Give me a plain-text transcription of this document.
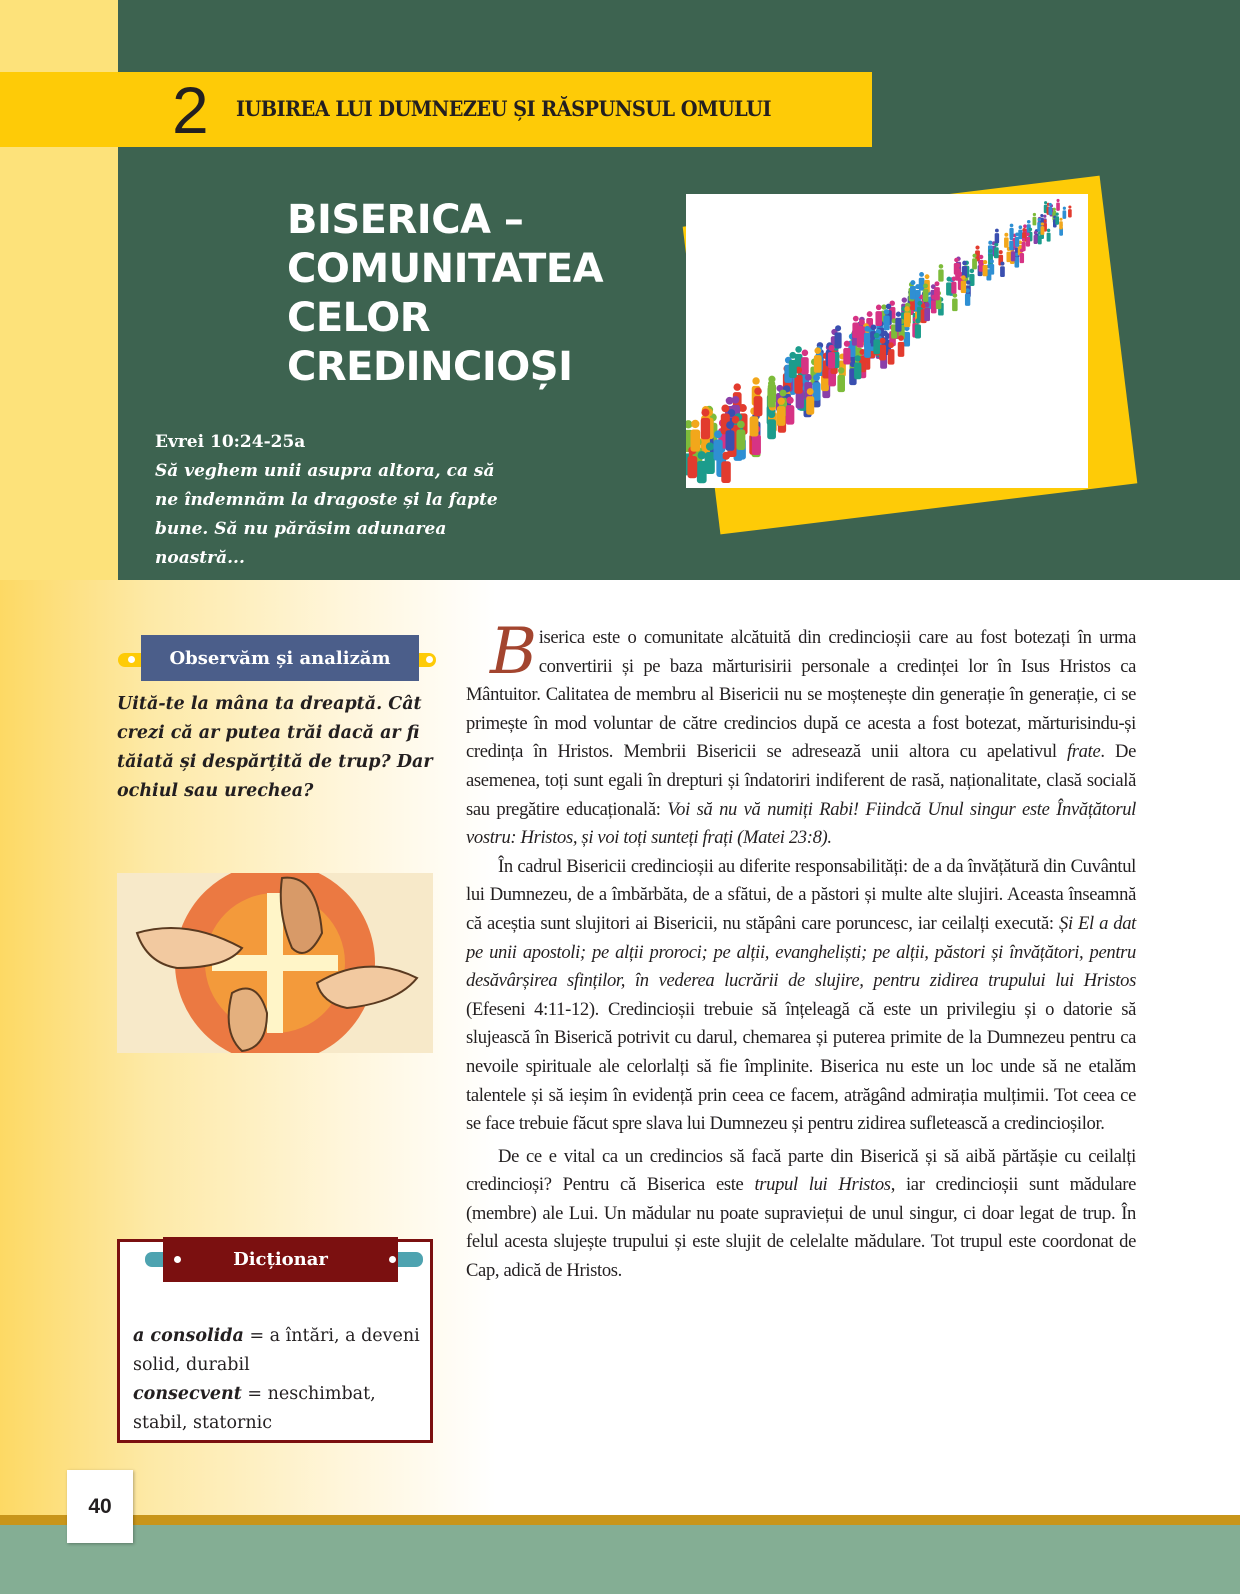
2 IUBIREA LUI DUMNEZEU ȘI RĂSPUNSUL OMULUI
BISERICA –
COMUNITATEA
CELOR
CREDINCIOȘI
Evrei 10:24-25a
Să veghem unii asupra altora, ca să ne îndemnăm la dragoste și la fapte bune. Să nu părăsim adunarea noastră...
Observăm și analizăm
Uită-te la mâna ta dreaptă. Cât crezi că ar putea trăi dacă ar fi tăiată și despărțită de trup? Dar ochiul sau urechea?
Dicționar
a consolida = a întări, a deveni solid, durabil
consecvent = neschimbat, stabil, statornic

Biserica este o comunitate alcătuită din credincioșii care au fost botezați în urma convertirii și pe baza mărturisirii personale a credinței lor în Isus Hristos ca Mântuitor. Calitatea de membru al Bisericii nu se moștenește din generație în generație, ci se primește în mod voluntar de către credincios după ce acesta a fost botezat, mărturisindu-și credința în Hristos. Membrii Bisericii se adresează unii altora cu apelativul frate. De asemenea, toți sunt egali în drepturi și îndatoriri indiferent de rasă, naționalitate, clasă socială sau pregătire educațională: Voi să nu vă numiți Rabi! Fiindcă Unul singur este Învățătorul vostru: Hristos, și voi toți sunteți frați (Matei 23:8).

În cadrul Bisericii credincioșii au diferite responsabilități: de a da învățătură din Cuvântul lui Dumnezeu, de a îmbărbăta, de a sfătui, de a păstori și multe alte slujiri. Aceasta înseamnă că aceștia sunt slujitori ai Bisericii, nu stăpâni care poruncesc, iar ceilalți execută: Și El a dat pe unii apostoli; pe alții proroci; pe alții, evangheliști; pe alții, păstori și învățători, pentru desăvârșirea sfinților, în vederea lucrării de slujire, pentru zidirea trupului lui Hristos (Efeseni 4:11-12). Credincioșii trebuie să înțeleagă că este un privilegiu și o datorie să slujească în Biserică potrivit cu darul, chemarea și puterea primite de la Dumnezeu pentru ca nevoile spirituale ale celorlalți să fie împlinite. Biserica nu este un loc unde să ne etalăm talentele și să ieșim în evidență prin ceea ce facem, atrăgând admirația mulțimii. Tot ceea ce se face trebuie făcut spre slava lui Dumnezeu și pentru zidirea sufletească a credincioșilor.

De ce e vital ca un credincios să facă parte din Biserică și să aibă părtășie cu ceilalți credincioși? Pentru că Biserica este trupul lui Hristos, iar credincioșii sunt mădulare (membre) ale Lui. Un mădular nu poate supraviețui de unul singur, ci doar legat de trup. În felul acesta slujește trupului și este slujit de celelalte mădulare. Tot trupul este coordonat de Cap, adică de Hristos.

40
